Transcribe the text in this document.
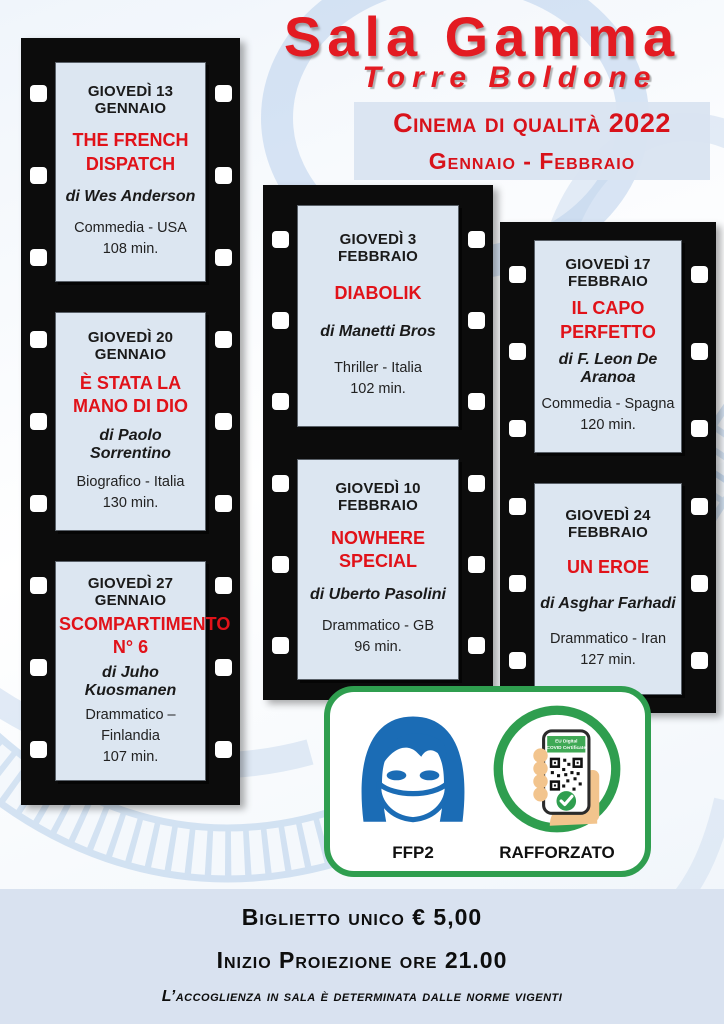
Sala Gamma
Torre Boldone
Cinema di qualità 2022
Gennaio - Febbraio
GIOVEDÌ 13 GENNAIO
THE FRENCH DISPATCH
di Wes Anderson
Commedia - USA
108 min.
GIOVEDÌ 20 GENNAIO
È STATA LA MANO DI DIO
di Paolo Sorrentino
Biografico - Italia
130 min.
GIOVEDÌ 27 GENNAIO
SCOMPARTIMENTO N° 6
di Juho Kuosmanen
Drammatico – Finlandia
107 min.
GIOVEDÌ 3 FEBBRAIO
DIABOLIK
di Manetti Bros
Thriller - Italia
102 min.
GIOVEDÌ 10 FEBBRAIO
NOWHERE SPECIAL
di Uberto Pasolini
Drammatico - GB
96 min.
GIOVEDÌ 17 FEBBRAIO
IL CAPO PERFETTO
di F. Leon De Aranoa
Commedia - Spagna
120 min.
GIOVEDÌ 24 FEBBRAIO
UN EROE
di Asghar Farhadi
Drammatico - Iran
127 min.
FFP2
EU Digital
COVID Certificate
RAFFORZATO
Biglietto unico € 5,00
Inizio Proiezione ore 21.00
L’accoglienza in sala è determinata dalle norme vigenti
